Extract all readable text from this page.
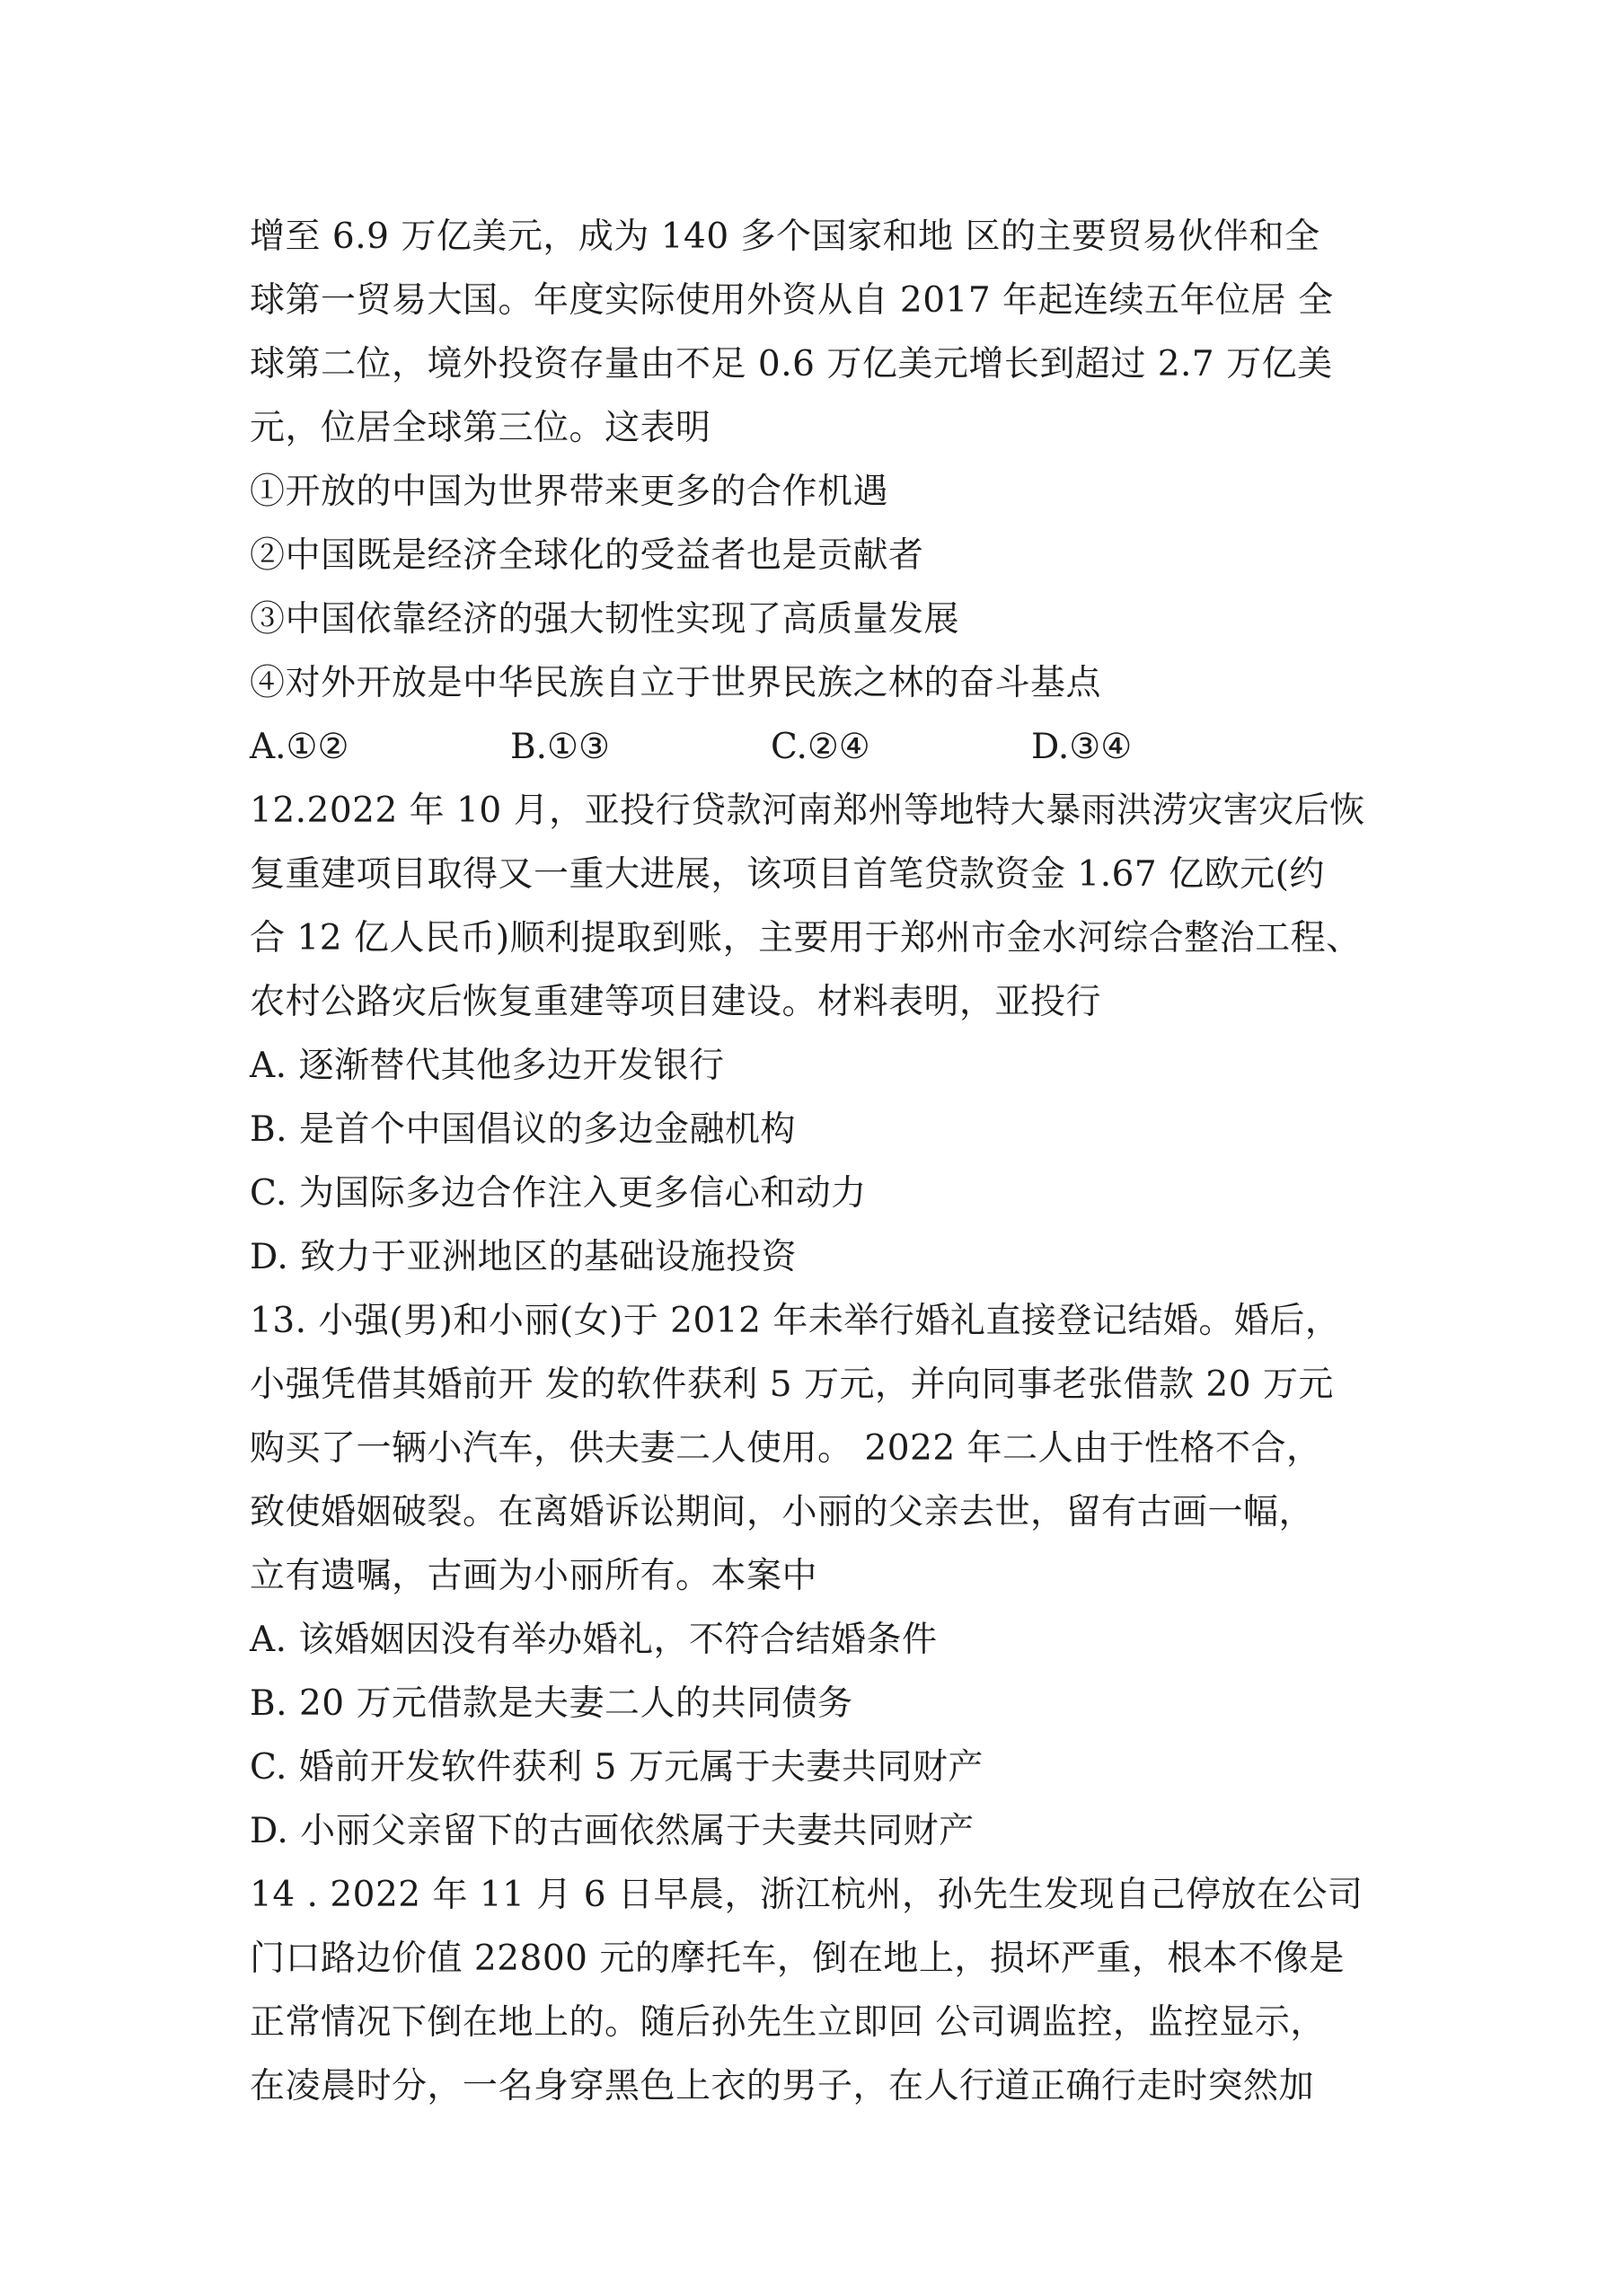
增至 6.9 万亿美元，成为 140 多个国家和地 区的主要贸易伙伴和全
球第一贸易大国。年度实际使用外资从自 2017 年起连续五年位居 全
球第二位，境外投资存量由不足 0.6 万亿美元增长到超过 2.7 万亿美
元，位居全球第三位。这表明
①开放的中国为世界带来更多的合作机遇
②中国既是经济全球化的受益者也是贡献者
③中国依靠经济的强大韧性实现了高质量发展
④对外开放是中华民族自立于世界民族之林的奋斗基点
A.①②	B.①③	C.②④	D.③④
12.2022 年 10 月，亚投行贷款河南郑州等地特大暴雨洪涝灾害灾后恢
复重建项目取得又一重大进展，该项目首笔贷款资金 1.67 亿欧元(约
合 12 亿人民币)顺利提取到账，主要用于郑州市金水河综合整治工程、
农村公路灾后恢复重建等项目建设。材料表明，亚投行
A. 逐渐替代其他多边开发银行
B. 是首个中国倡议的多边金融机构
C. 为国际多边合作注入更多信心和动力
D. 致力于亚洲地区的基础设施投资
13. 小强(男)和小丽(女)于 2012 年未举行婚礼直接登记结婚。婚后，
小强凭借其婚前开 发的软件获利 5 万元，并向同事老张借款 20 万元
购买了一辆小汽车，供夫妻二人使用。 2022 年二人由于性格不合，
致使婚姻破裂。在离婚诉讼期间，小丽的父亲去世，留有古画一幅，
立有遗嘱，古画为小丽所有。本案中
A. 该婚姻因没有举办婚礼，不符合结婚条件
B. 20 万元借款是夫妻二人的共同债务
C. 婚前开发软件获利 5 万元属于夫妻共同财产
D. 小丽父亲留下的古画依然属于夫妻共同财产
14 . 2022 年 11 月 6 日早晨，浙江杭州，孙先生发现自己停放在公司
门口路边价值 22800 元的摩托车，倒在地上，损坏严重，根本不像是
正常情况下倒在地上的。随后孙先生立即回 公司调监控，监控显示，
在凌晨时分，一名身穿黑色上衣的男子，在人行道正确行走时突然加
